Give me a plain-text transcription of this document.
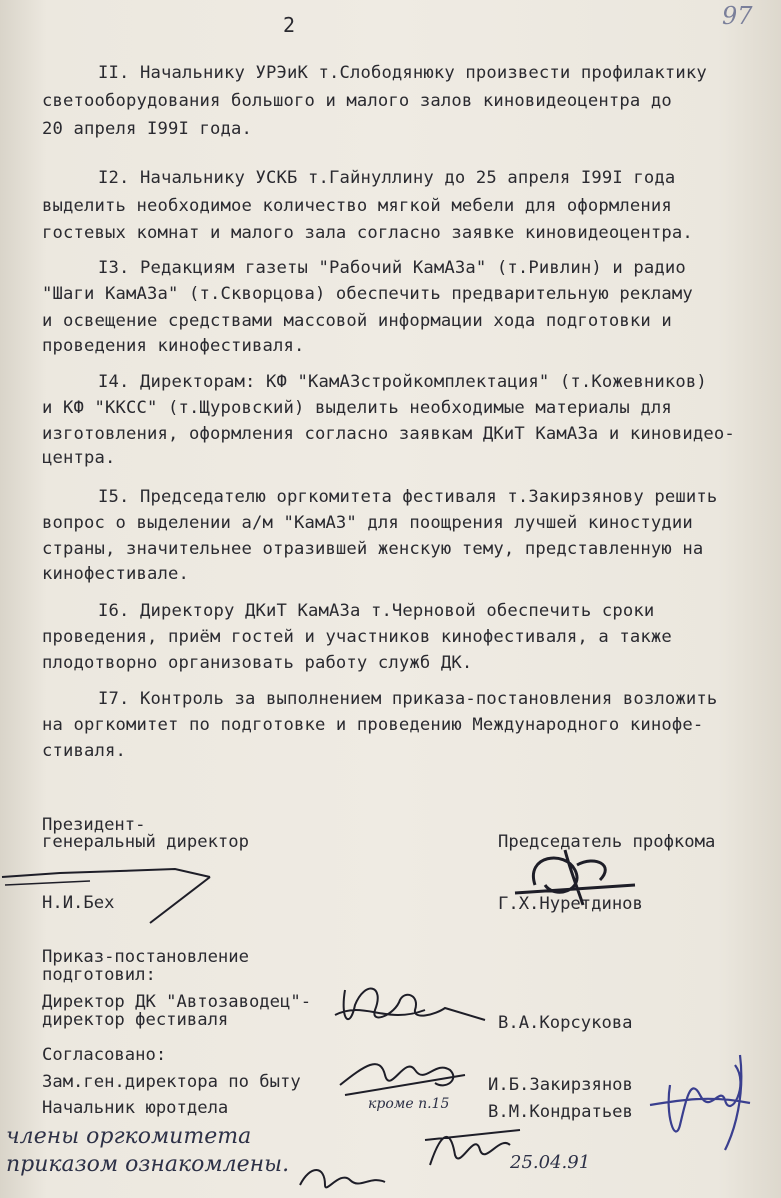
2	97
II. Начальнику УРЭиК т.Слободянюку произвести профилактику
светооборудования большого и малого залов киновидеоцентра до
20 апреля I99I года.
I2. Начальнику УСКБ т.Гайнуллину до 25 апреля I99I года
выделить необходимое количество мягкой мебели для оформления
гостевых комнат и малого зала согласно заявке киновидеоцентра.
I3. Редакциям газеты "Рабочий КамАЗа" (т.Ривлин) и радио
"Шаги КамАЗа" (т.Скворцова) обеспечить предварительную рекламу
и освещение средствами массовой информации хода подготовки и
проведения кинофестиваля.
I4. Директорам: КФ "КамАЗстройкомплектация" (т.Кожевников)
и КФ "ККСС" (т.Щуровский) выделить необходимые материалы для
изготовления, оформления согласно заявкам ДКиТ КамАЗа и киновидео-
центра.
I5. Председателю оргкомитета фестиваля т.Закирзянову решить
вопрос о выделении а/м "КамАЗ" для поощрения лучшей киностудии
страны, значительнее отразившей женскую тему, представленную на
кинофестивале.
I6. Директору ДКиТ КамАЗа т.Черновой обеспечить сроки
проведения, приём гостей и участников кинофестиваля, а также
плодотворно организовать работу служб ДК.
I7. Контроль за выполнением приказа-постановления возложить
на оргкомитет по подготовке и проведению Международного кинофе-
стиваля.
Президент-
генеральный директор
Н.И.Бех
Председатель профкома
Г.Х.Нуретдинов
Приказ-постановление
подготовил:
Директор ДК "Автозаводец"-
директор фестиваля	В.А.Корсукова
Согласовано:
Зам.ген.директора по быту	И.Б.Закирзянов
Начальник юротдела	В.М.Кондратьев
кроме п.15
члены оргкомитета
приказом ознакомлены.	25.04.91
